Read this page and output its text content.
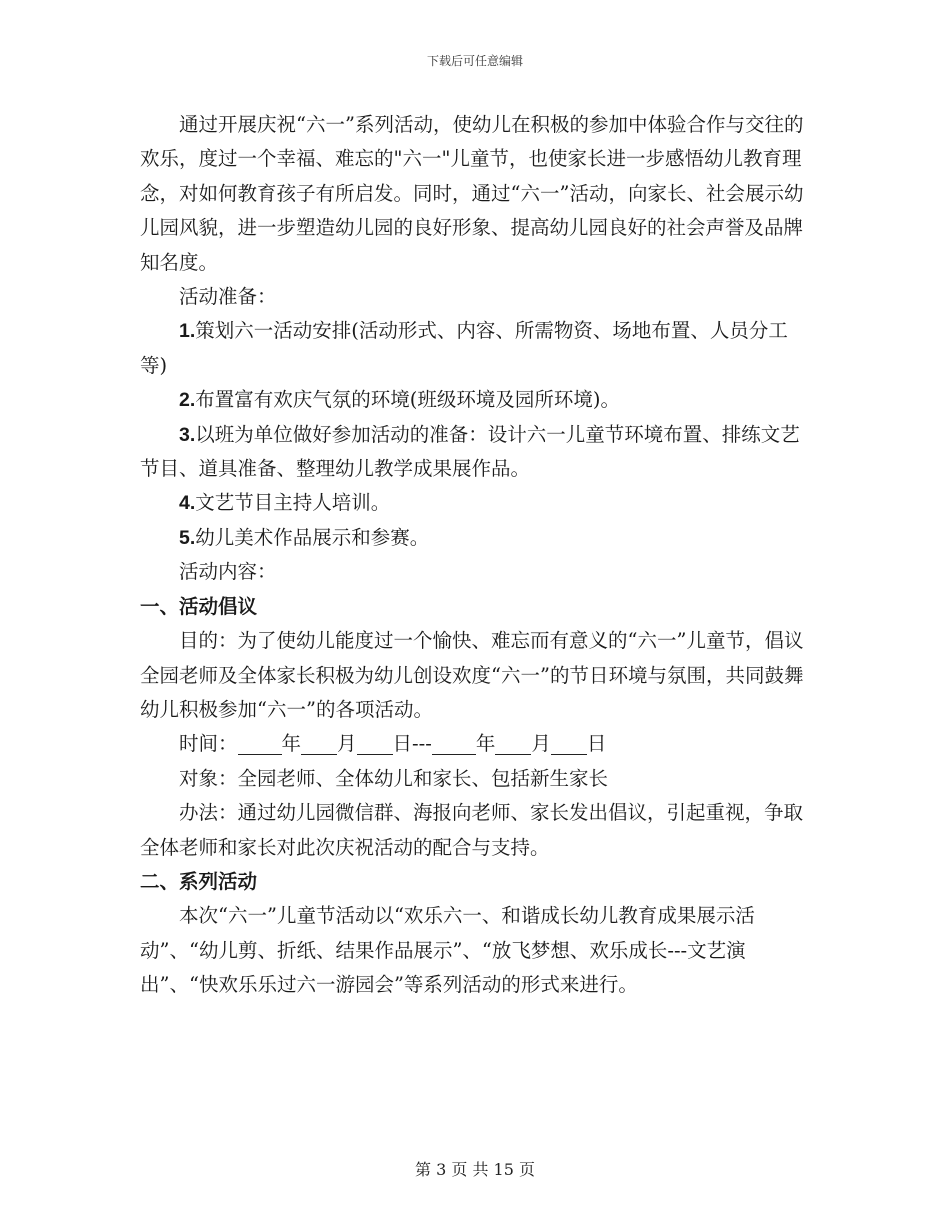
下载后可任意编辑

通过开展庆祝“六一”系列活动，使幼儿在积极的参加中体验合作与交往的欢乐，度过一个幸福、难忘的"六一"儿童节，也使家长进一步感悟幼儿教育理念，对如何教育孩子有所启发。同时，通过“六一”活动，向家长、社会展示幼儿园风貌，进一步塑造幼儿园的良好形象、提高幼儿园良好的社会声誉及品牌知名度。

活动准备：

1.策划六一活动安排(活动形式、内容、所需物资、场地布置、人员分工等)

2.布置富有欢庆气氛的环境(班级环境及园所环境)。

3.以班为单位做好参加活动的准备：设计六一儿童节环境布置、排练文艺节目、道具准备、整理幼儿教学成果展作品。

4.文艺节目主持人培训。

5.幼儿美术作品展示和参赛。

活动内容：

一、活动倡议

目的：为了使幼儿能度过一个愉快、难忘而有意义的“六一”儿童节，倡议全园老师及全体家长积极为幼儿创设欢度“六一”的节日环境与氛围，共同鼓舞幼儿积极参加“六一”的各项活动。

时间： 年 月 日--- 年 月 日

对象：全园老师、全体幼儿和家长、包括新生家长

办法：通过幼儿园微信群、海报向老师、家长发出倡议，引起重视，争取全体老师和家长对此次庆祝活动的配合与支持。

二、系列活动

本次“六一”儿童节活动以“欢乐六一、和谐成长幼儿教育成果展示活动”、“幼儿剪、折纸、结果作品展示”、“放飞梦想、欢乐成长---文艺演出”、“快欢乐乐过六一游园会”等系列活动的形式来进行。

第 3 页 共 15 页
